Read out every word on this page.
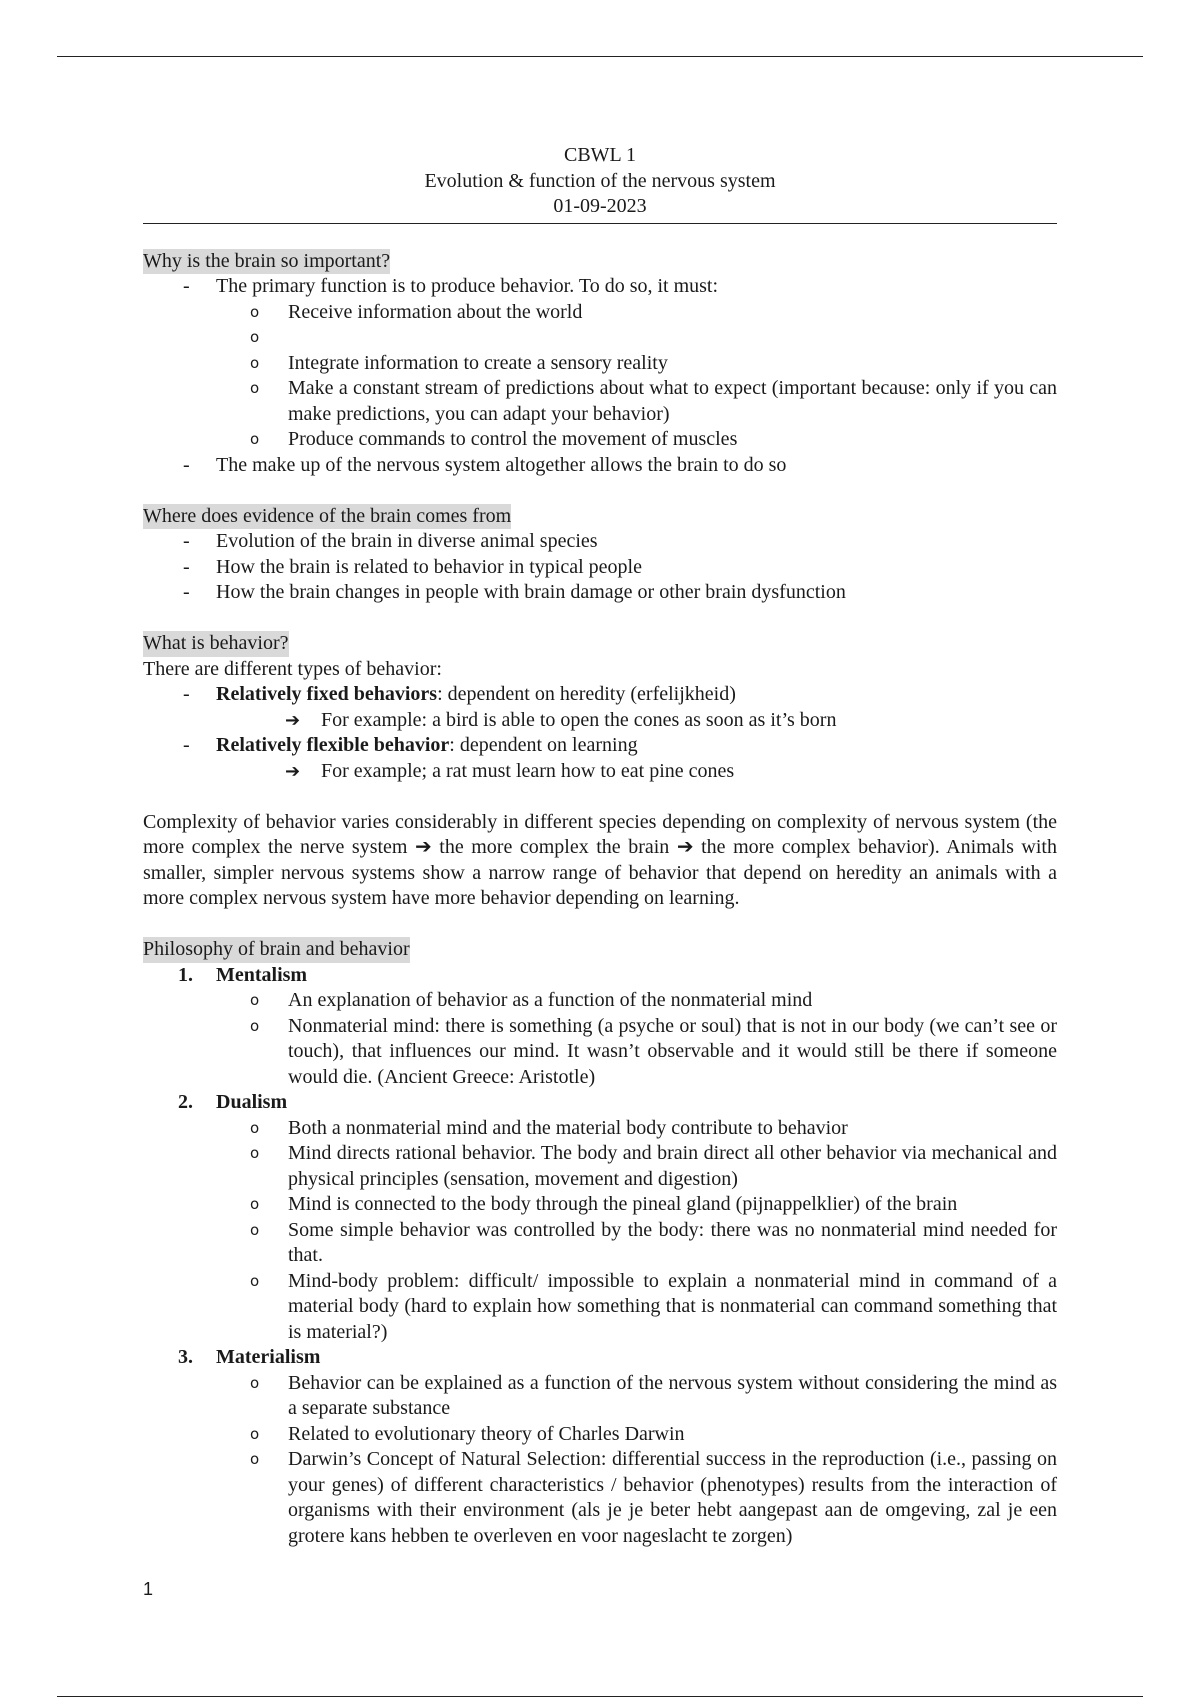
CBWL 1
Evolution & function of the nervous system
01-09-2023
Why is the brain so important?
- The primary function is to produce behavior. To do so, it must:
o Receive information about the world
o

o Integrate information to create a sensory reality
o Make a constant stream of predictions about what to expect (important because: only if you can make predictions, you can adapt your behavior)
o Produce commands to control the movement of muscles
- The make up of the nervous system altogether allows the brain to do so
Where does evidence of the brain comes from
- Evolution of the brain in diverse animal species
- How the brain is related to behavior in typical people
- How the brain changes in people with brain damage or other brain dysfunction
What is behavior?
There are different types of behavior:
- Relatively fixed behaviors: dependent on heredity (erfelijkheid)
➔ For example: a bird is able to open the cones as soon as it’s born
- Relatively flexible behavior: dependent on learning
➔ For example; a rat must learn how to eat pine cones
Complexity of behavior varies considerably in different species depending on complexity of nervous system (the more complex the nerve system ➔ the more complex the brain ➔ the more complex behavior). Animals with smaller, simpler nervous systems show a narrow range of behavior that depend on heredity an animals with a more complex nervous system have more behavior depending on learning.
Philosophy of brain and behavior
1. Mentalism
o An explanation of behavior as a function of the nonmaterial mind
o Nonmaterial mind: there is something (a psyche or soul) that is not in our body (we can’t see or touch), that influences our mind. It wasn’t observable and it would still be there if someone would die. (Ancient Greece: Aristotle)
2. Dualism
o Both a nonmaterial mind and the material body contribute to behavior
o Mind directs rational behavior. The body and brain direct all other behavior via mechanical and physical principles (sensation, movement and digestion)
o Mind is connected to the body through the pineal gland (pijnappelklier) of the brain
o Some simple behavior was controlled by the body: there was no nonmaterial mind needed for that.
o Mind-body problem: difficult/ impossible to explain a nonmaterial mind in command of a material body (hard to explain how something that is nonmaterial can command something that is material?)
3. Materialism
o Behavior can be explained as a function of the nervous system without considering the mind as a separate substance
o Related to evolutionary theory of Charles Darwin
o Darwin’s Concept of Natural Selection: differential success in the reproduction (i.e., passing on your genes) of different characteristics / behavior (phenotypes) results from the interaction of organisms with their environment (als je je beter hebt aangepast aan de omgeving, zal je een grotere kans hebben te overleven en voor nageslacht te zorgen)
1
